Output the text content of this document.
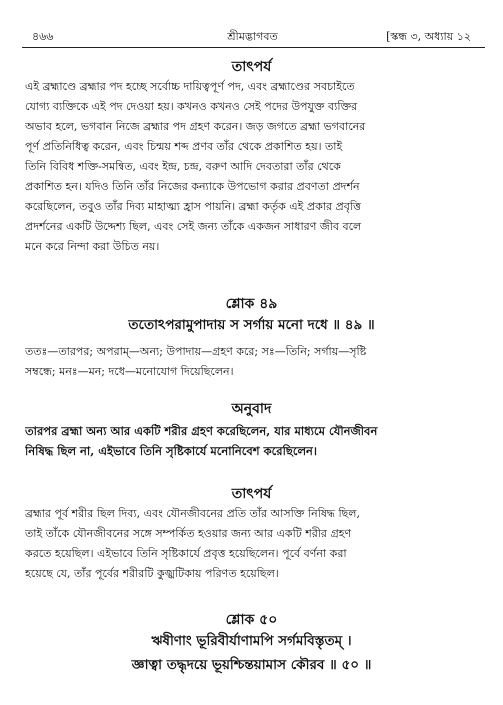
৪৬৬	শ্রীমদ্ভাগবত	[স্কন্ধ ৩, অধ্যায় ১২
তাৎপর্য
এই ব্রহ্মাণ্ডে ব্রহ্মার পদ হচ্ছে সর্বোচ্চ দায়িত্বপূর্ণ পদ, এবং ব্রহ্মাণ্ডের সবচাইতে
যোগ্য ব্যক্তিকে এই পদ দেওয়া হয়। কখনও কখনও সেই পদের উপযুক্ত ব্যক্তির
অভাব হলে, ভগবান নিজে ব্রহ্মার পদ গ্রহণ করেন। জড় জগতে ব্রহ্মা ভগবানের
পূর্ণ প্রতিনিধিত্ব করেন, এবং চিন্ময় শব্দ প্রণব তাঁর থেকে প্রকাশিত হয়। তাই
তিনি বিবিধ শক্তি-সমন্বিত, এবং ইন্দ্র, চন্দ্র, বরুণ আদি দেবতারা তাঁর থেকে
প্রকাশিত হন। যদিও তিনি তাঁর নিজের কন্যাকে উপভোগ করার প্রবণতা প্রদর্শন
করেছিলেন, তবুও তাঁর দিব্য মাহাত্ম্য হ্রাস পায়নি। ব্রহ্মা কর্তৃক এই প্রকার প্রবৃত্তি
প্রদর্শনের একটি উদ্দেশ্য ছিল, এবং সেই জন্য তাঁকে একজন সাধারণ জীব বলে
মনে করে নিন্দা করা উচিত নয়।
শ্লোক ৪৯
ততোঽপরামুপাদায় স সর্গায় মনো দধে ॥ ৪৯ ॥
ততঃ—তারপর; অপরাম্—অন্য; উপাদায়—গ্রহণ করে; সঃ—তিনি; সর্গায়—সৃষ্টি
সম্বন্ধে; মনঃ—মন; দধে—মনোযোগ দিয়েছিলেন।
অনুবাদ
তারপর ব্রহ্মা অন্য আর একটি শরীর গ্রহণ করেছিলেন, যার মাধ্যমে যৌনজীবন
নিষিদ্ধ ছিল না, এইভাবে তিনি সৃষ্টিকার্যে মনোনিবেশ করেছিলেন।
তাৎপর্য
ব্রহ্মার পূর্ব শরীর ছিল দিব্য, এবং যৌনজীবনের প্রতি তাঁর আসক্তি নিষিদ্ধ ছিল,
তাই তাঁকে যৌনজীবনের সঙ্গে সম্পর্কিত হওয়ার জন্য আর একটি শরীর গ্রহণ
করতে হয়েছিল। এইভাবে তিনি সৃষ্টিকার্যে প্রবৃত্ত হয়েছিলেন। পূর্বে বর্ণনা করা
হয়েছে যে, তাঁর পূর্বের শরীরটি কুজ্ঝটিকায় পরিণত হয়েছিল।
শ্লোক ৫০
ঋষীণাং ভূরিবীর্যাণামপি সর্গমবিস্তৃতম্ ।
জ্ঞাত্বা তদ্ধৃদয়ে ভূয়শ্চিন্তয়ামাস কৌরব ॥ ৫০ ॥
